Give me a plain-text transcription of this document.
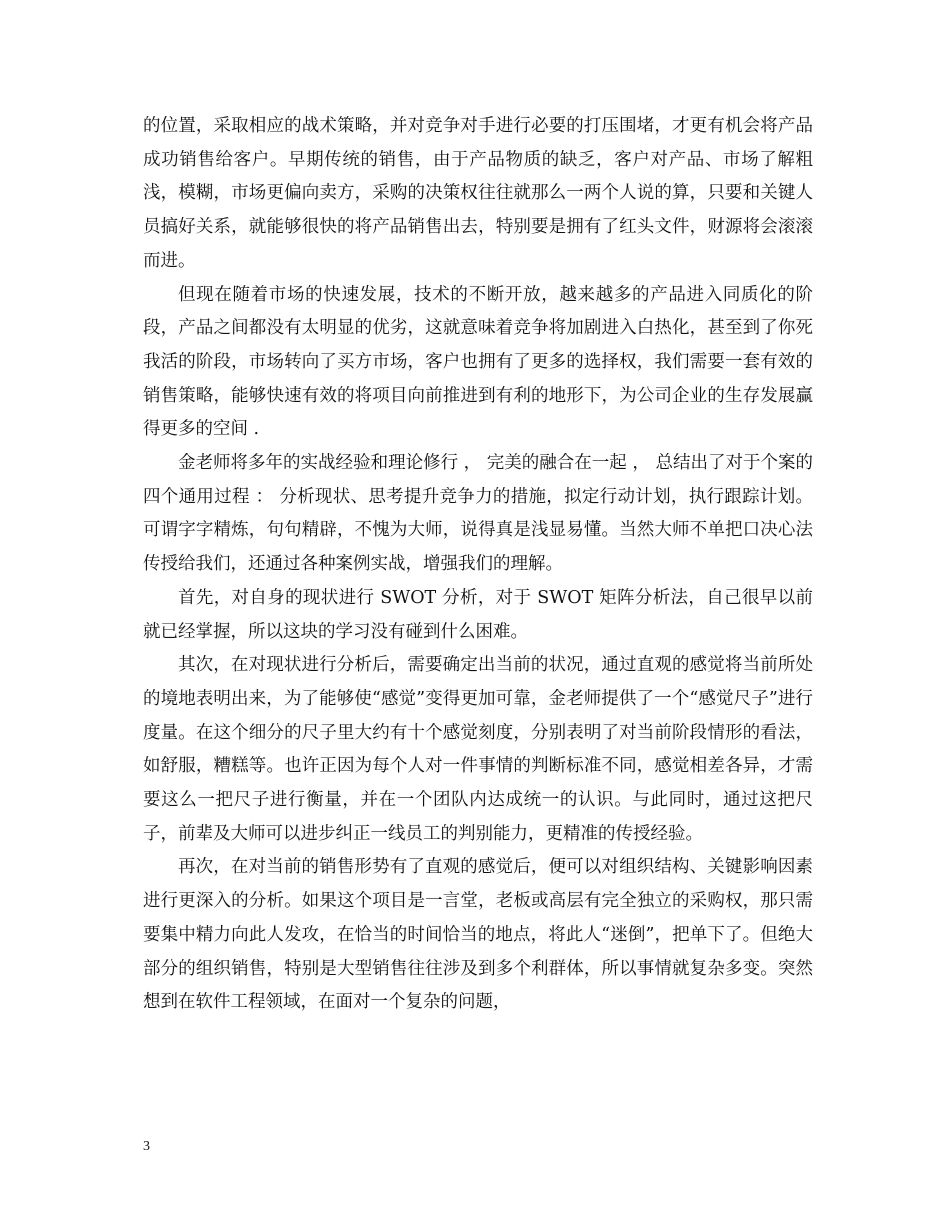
的位置，采取相应的战术策略，并对竞争对手进行必要的打压围堵，才更有机会将产品成功销售给客户。早期传统的销售，由于产品物质的缺乏，客户对产品、市场了解粗浅，模糊，市场更偏向卖方，采购的决策权往往就那么一两个人说的算，只要和关键人员搞好关系，就能够很快的将产品销售出去，特别要是拥有了红头文件，财源将会滚滚而进。

但现在随着市场的快速发展，技术的不断开放，越来越多的产品进入同质化的阶段，产品之间都没有太明显的优劣，这就意味着竞争将加剧进入白热化，甚至到了你死我活的阶段，市场转向了买方市场，客户也拥有了更多的选择权，我们需要一套有效的销售策略，能够快速有效的将项目向前推进到有利的地形下，为公司企业的生存发展赢得更多的空间 .

金老师将多年的实战经验和理论修行 ， 完美的融合在一起 ， 总结出了对于个案的四个通用过程 ： 分析现状、思考提升竞争力的措施，拟定行动计划，执行跟踪计划。可谓字字精炼，句句精辟，不愧为大师，说得真是浅显易懂。当然大师不单把口决心法传授给我们，还通过各种案例实战，增强我们的理解。

首先，对自身的现状进行 SWOT 分析，对于 SWOT 矩阵分析法，自己很早以前就已经掌握，所以这块的学习没有碰到什么困难。

其次，在对现状进行分析后，需要确定出当前的状况，通过直观的感觉将当前所处的境地表明出来，为了能够使“感觉”变得更加可靠，金老师提供了一个“感觉尺子”进行度量。在这个细分的尺子里大约有十个感觉刻度，分别表明了对当前阶段情形的看法，如舒服，糟糕等。也许正因为每个人对一件事情的判断标准不同，感觉相差各异，才需要这么一把尺子进行衡量，并在一个团队内达成统一的认识。与此同时，通过这把尺子，前辈及大师可以进步纠正一线员工的判别能力，更精准的传授经验。

再次，在对当前的销售形势有了直观的感觉后，便可以对组织结构、关键影响因素进行更深入的分析。如果这个项目是一言堂，老板或高层有完全独立的采购权，那只需要集中精力向此人发攻，在恰当的时间恰当的地点，将此人“迷倒”，把单下了。但绝大部分的组织销售，特别是大型销售往往涉及到多个利群体，所以事情就复杂多变。突然想到在软件工程领域，在面对一个复杂的问题，

3
